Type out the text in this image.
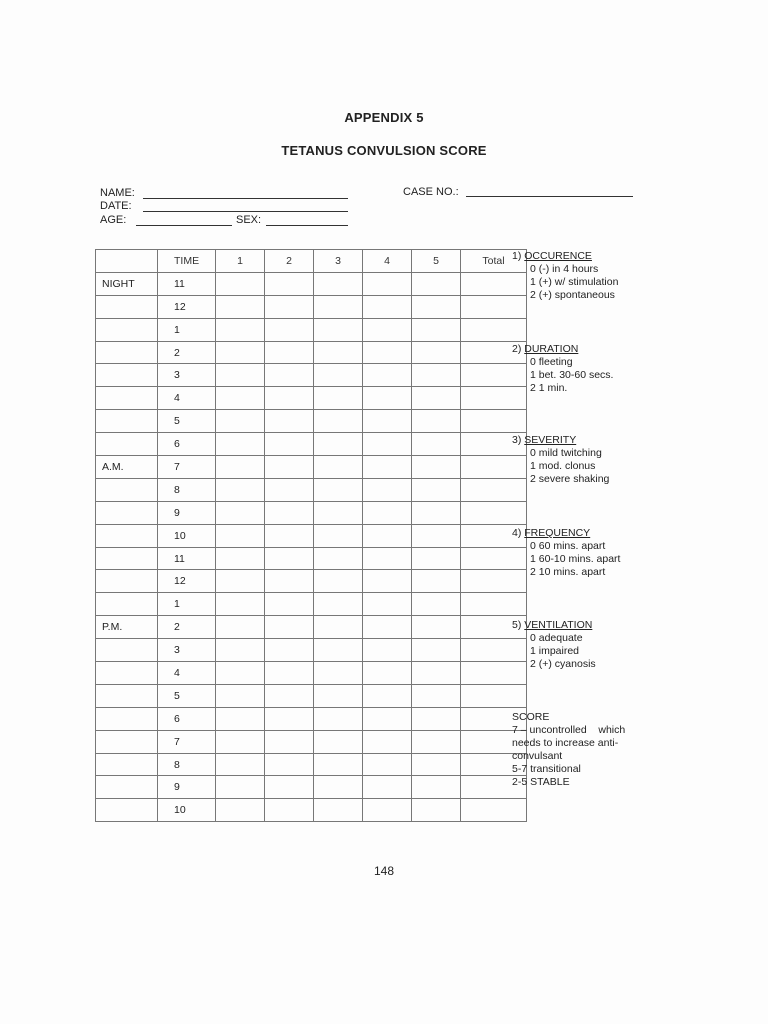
APPENDIX 5
TETANUS CONVULSION SCORE
NAME:
DATE:
AGE:	SEX:
CASE NO.:
	TIME	1	2	3	4	5	Total
NIGHT	11						
	12						
	1						
	2						
	3						
	4						
	5						
	6						
A.M.	7						
	8						
	9						
	10						
	11						
	12						
	1						
P.M.	2						
	3						
	4						
	5						
	6						
	7						
	8						
	9						
	10						
1) OCCURENCE
0 (-) in 4 hours
1 (+) w/ stimulation
2 (+) spontaneous
2) DURATION
0 fleeting
1 bet. 30-60 secs.
2 1 min.
3) SEVERITY
0 mild twitching
1 mod. clonus
2 severe shaking
4) FREQUENCY
0 60 mins. apart
1 60-10 mins. apart
2 10 mins. apart
5) VENTILATION
0 adequate
1 impaired
2 (+) cyanosis
SCORE
7 – uncontrolled    which
needs to increase anti-
convulsant
5-7 transitional
2-5 STABLE
148
